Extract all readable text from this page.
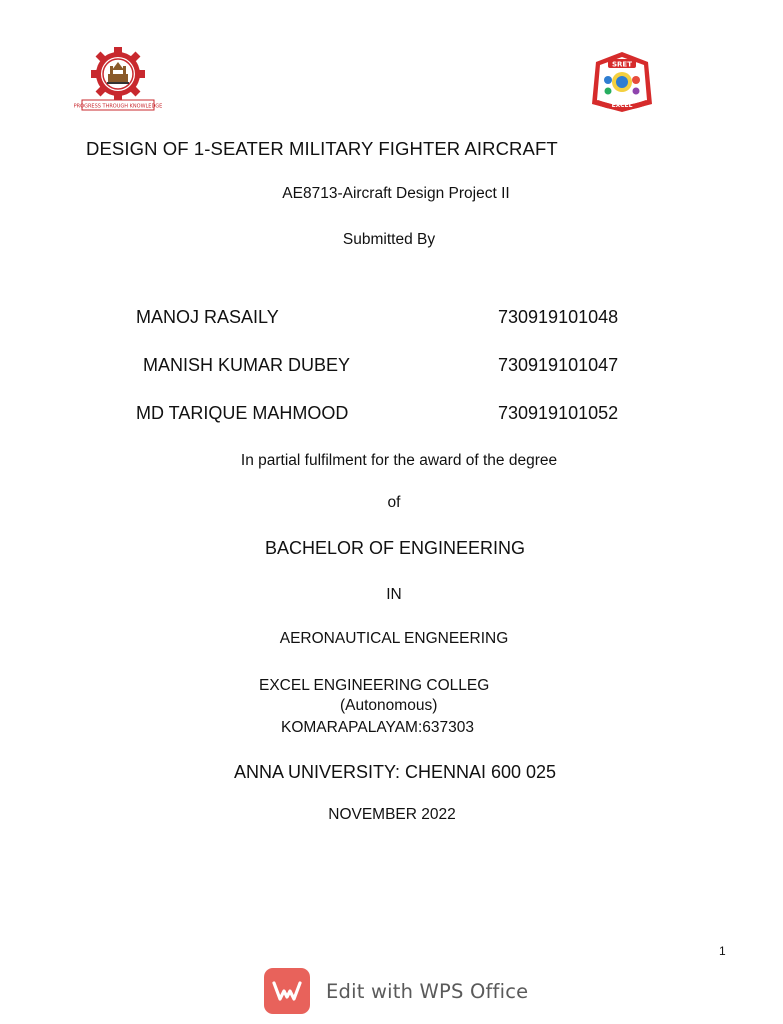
PROGRESS THROUGH KNOWLEDGE
SRET
EXCEL
DESIGN OF 1-SEATER MILITARY FIGHTER AIRCRAFT
AE8713-Aircraft Design Project II
Submitted By
MANOJ RASAILY	730919101048
MANISH KUMAR DUBEY	730919101047
MD TARIQUE MAHMOOD	730919101052
In partial fulfilment for the award of the degree
of
BACHELOR OF ENGINEERING
IN
AERONAUTICAL ENGNEERING
EXCEL ENGINEERING COLLEG
(Autonomous)
KOMARAPALAYAM:637303
ANNA UNIVERSITY: CHENNAI 600 025
NOVEMBER 2022
1
Edit with WPS Office
